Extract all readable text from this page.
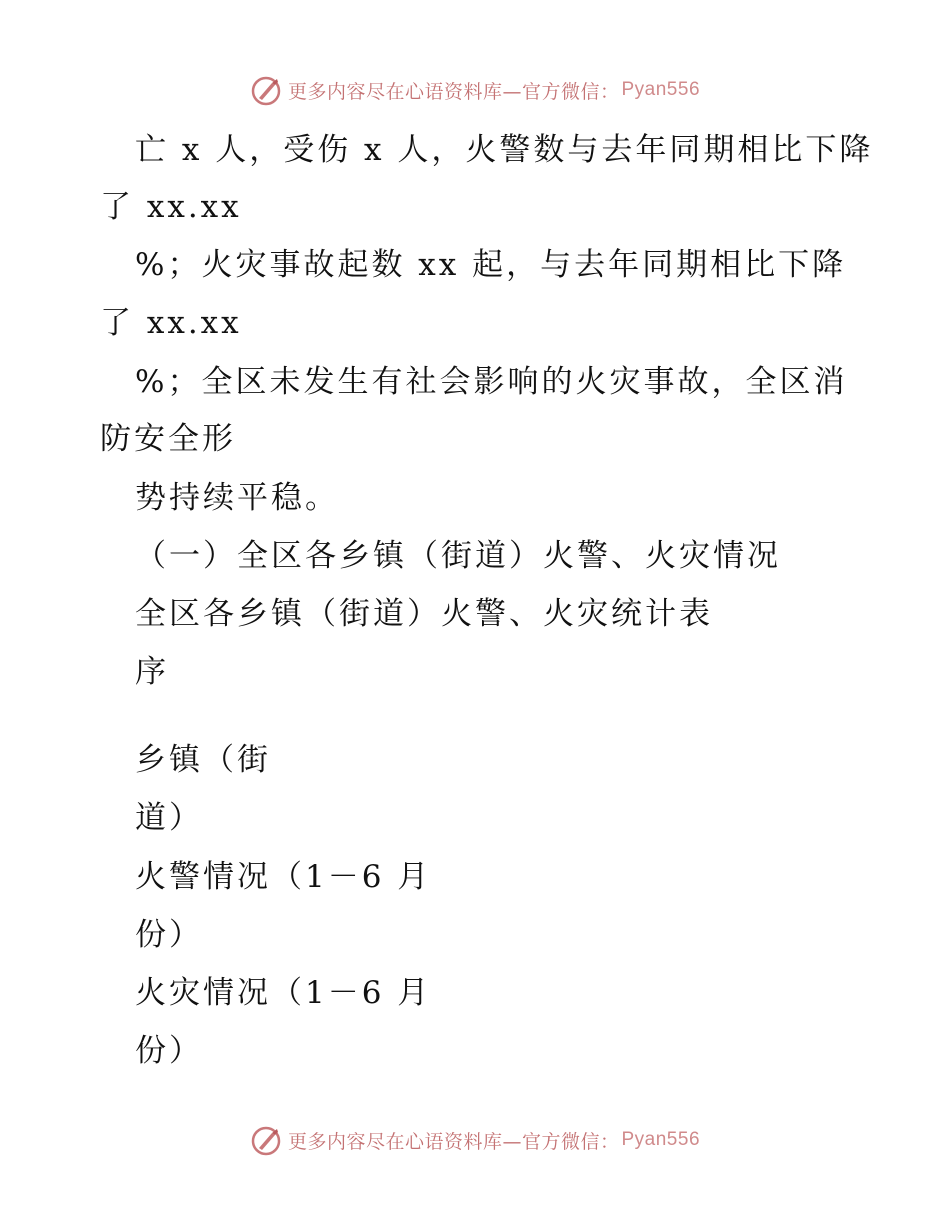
更多内容尽在心语资料库—官方微信： Pyan556
亡 x 人，受伤 x 人，火警数与去年同期相比下降
了 xx.xx
%；火灾事故起数 xx 起，与去年同期相比下降
了 xx.xx
%；全区未发生有社会影响的火灾事故，全区消
防安全形
势持续平稳。
（一）全区各乡镇（街道）火警、火灾情况
全区各乡镇（街道）火警、火灾统计表
序
乡镇（街
道）
火警情况（1－6 月
份）
火灾情况（1－6 月
份）
更多内容尽在心语资料库—官方微信： Pyan556
